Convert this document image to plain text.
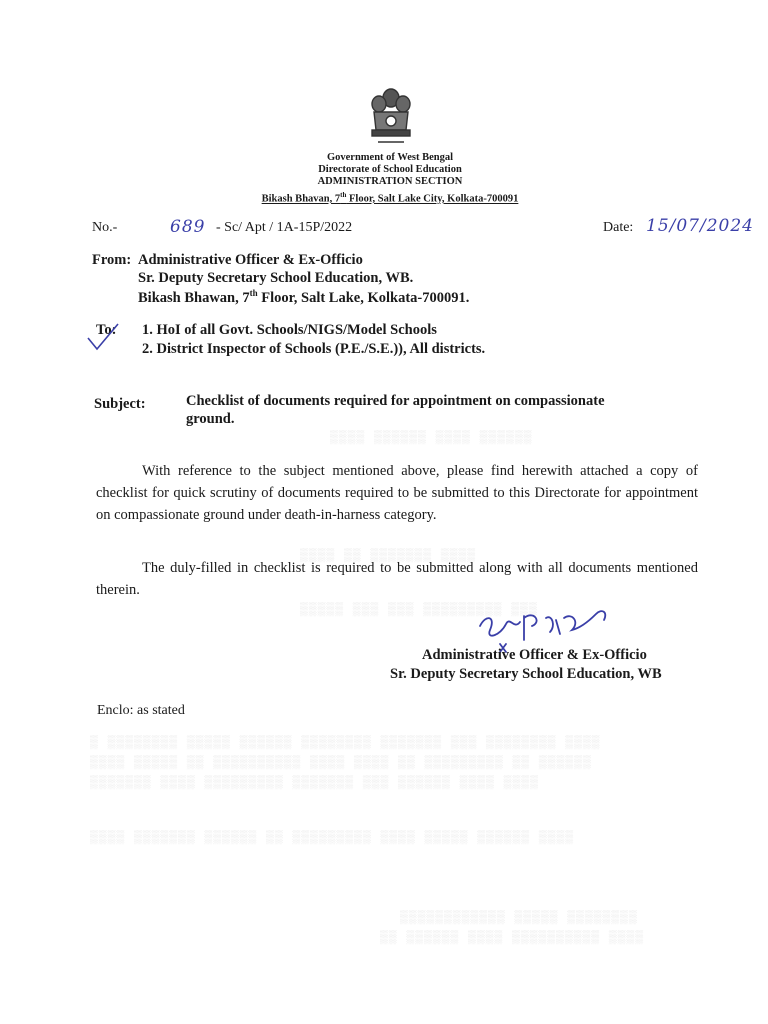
▒▒▒▒ ▒▒▒▒▒▒ ▒▒▒▒ ▒▒▒▒▒▒
▒▒▒▒ ▒▒ ▒▒▒▒▒▒▒ ▒▒▒▒
▒▒▒▒▒ ▒▒▒ ▒▒▒ ▒▒▒▒▒▒▒▒▒ ▒▒▒
▒ ▒▒▒▒▒▒▒▒ ▒▒▒▒▒ ▒▒▒▒▒▒ ▒▒▒▒▒▒▒▒ ▒▒▒▒▒▒▒ ▒▒▒ ▒▒▒▒▒▒▒▒ ▒▒▒▒
▒▒▒▒ ▒▒▒▒▒ ▒▒ ▒▒▒▒▒▒▒▒▒▒ ▒▒▒▒ ▒▒▒▒ ▒▒ ▒▒▒▒▒▒▒▒▒ ▒▒ ▒▒▒▒▒▒
▒▒▒▒▒▒▒ ▒▒▒▒ ▒▒▒▒▒▒▒▒▒ ▒▒▒▒▒▒▒ ▒▒▒ ▒▒▒▒▒▒ ▒▒▒▒ ▒▒▒▒
▒▒▒▒ ▒▒▒▒▒▒▒ ▒▒▒▒▒▒ ▒▒ ▒▒▒▒▒▒▒▒▒ ▒▒▒▒ ▒▒▒▒▒ ▒▒▒▒▒▒ ▒▒▒▒
▒▒▒▒▒▒▒▒▒▒▒▒ ▒▒▒▒▒ ▒▒▒▒▒▒▒▒
▒▒ ▒▒▒▒▒▒ ▒▒▒▒ ▒▒▒▒▒▒▒▒▒▒ ▒▒▒▒
Government of West Bengal
Directorate of School Education
ADMINISTRATION SECTION
Bikash Bhavan, 7th Floor, Salt Lake City, Kolkata-700091
No.-	689 - Sc/ Apt / 1A-15P/2022	Date: 15/07/2024
From: Administrative Officer & Ex-Officio
Sr. Deputy Secretary School Education, WB.
Bikash Bhawan, 7th Floor, Salt Lake, Kolkata-700091.
To: 1. HoI of all Govt. Schools/NIGS/Model Schools
2. District Inspector of Schools (P.E./S.E.)), All districts.
Subject:	Checklist of documents required for appointment on compassionate
ground.
With reference to the subject mentioned above, please find herewith attached a copy of checklist for quick scrutiny of documents required to be submitted to this Directorate for appointment on compassionate ground under death-in-harness category.
The duly-filled in checklist is required to be submitted along with all documents mentioned therein.
Administrative Officer & Ex-Officio
Sr. Deputy Secretary School Education, WB
Enclo: as stated
